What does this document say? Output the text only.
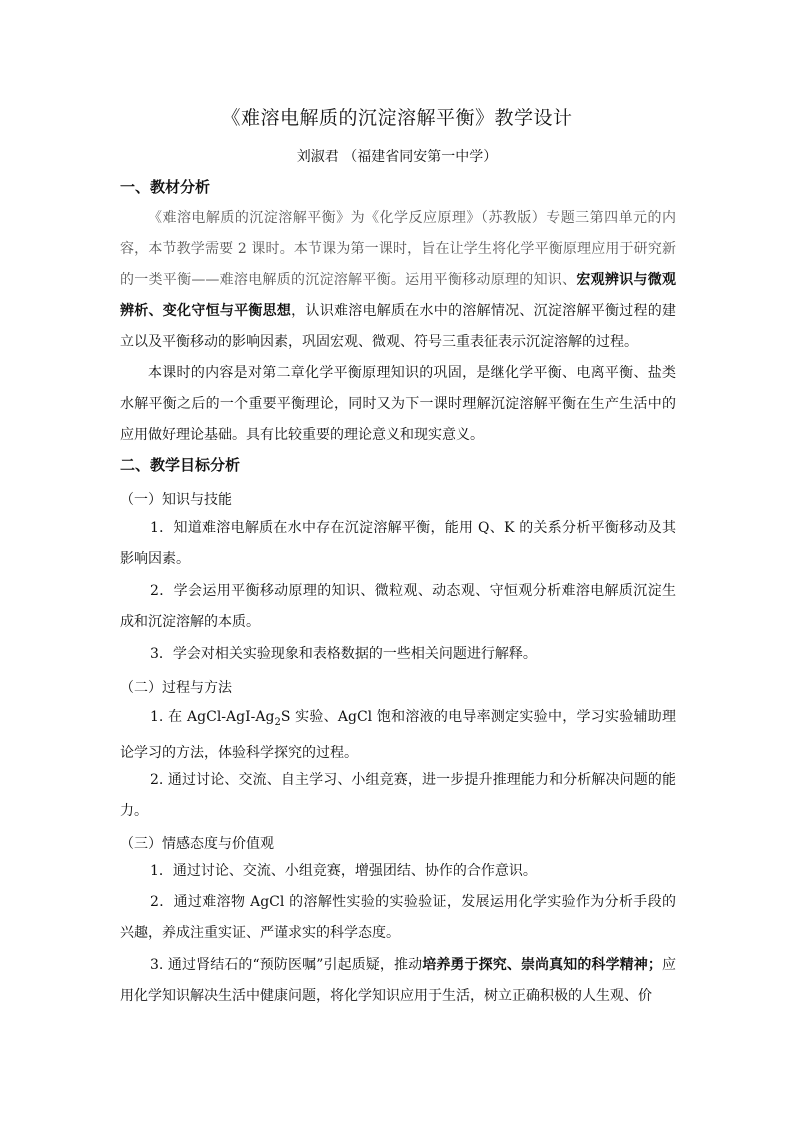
《难溶电解质的沉淀溶解平衡》教学设计
刘淑君 （福建省同安第一中学）
一、教材分析
《难溶电解质的沉淀溶解平衡》为《化学反应原理》（苏教版）专题三第四单元的内容，本节教学需要 2 课时。本节课为第一课时，旨在让学生将化学平衡原理应用于研究新的一类平衡——难溶电解质的沉淀溶解平衡。运用平衡移动原理的知识、宏观辨识与微观辨析、变化守恒与平衡思想，认识难溶电解质在水中的溶解情况、沉淀溶解平衡过程的建立以及平衡移动的影响因素，巩固宏观、微观、符号三重表征表示沉淀溶解的过程。
本课时的内容是对第二章化学平衡原理知识的巩固，是继化学平衡、电离平衡、盐类水解平衡之后的一个重要平衡理论，同时又为下一课时理解沉淀溶解平衡在生产生活中的应用做好理论基础。具有比较重要的理论意义和现实意义。
二、教学目标分析
（一）知识与技能
1．知道难溶电解质在水中存在沉淀溶解平衡，能用 Q、K 的关系分析平衡移动及其影响因素。
2．学会运用平衡移动原理的知识、微粒观、动态观、守恒观分析难溶电解质沉淀生成和沉淀溶解的本质。
3．学会对相关实验现象和表格数据的一些相关问题进行解释。
（二）过程与方法
1. 在 AgCl-$AgI-Ag_2S$ 实验、AgCl 饱和溶液的电导率测定实验中，学习实验辅助理论学习的方法，体验科学探究的过程。
2. 通过讨论、交流、自主学习、小组竞赛，进一步提升推理能力和分析解决问题的能力。
（三）情感态度与价值观
1．通过讨论、交流、小组竞赛，增强团结、协作的合作意识。
2．通过难溶物 AgCl 的溶解性实验的实验验证，发展运用化学实验作为分析手段的兴趣，养成注重实证、严谨求实的科学态度。
3. 通过肾结石的“预防医嘱”引起质疑，推动培养勇于探究、崇尚真知的科学精神；应用化学知识解决生活中健康问题，将化学知识应用于生活，树立正确积极的人生观、价
